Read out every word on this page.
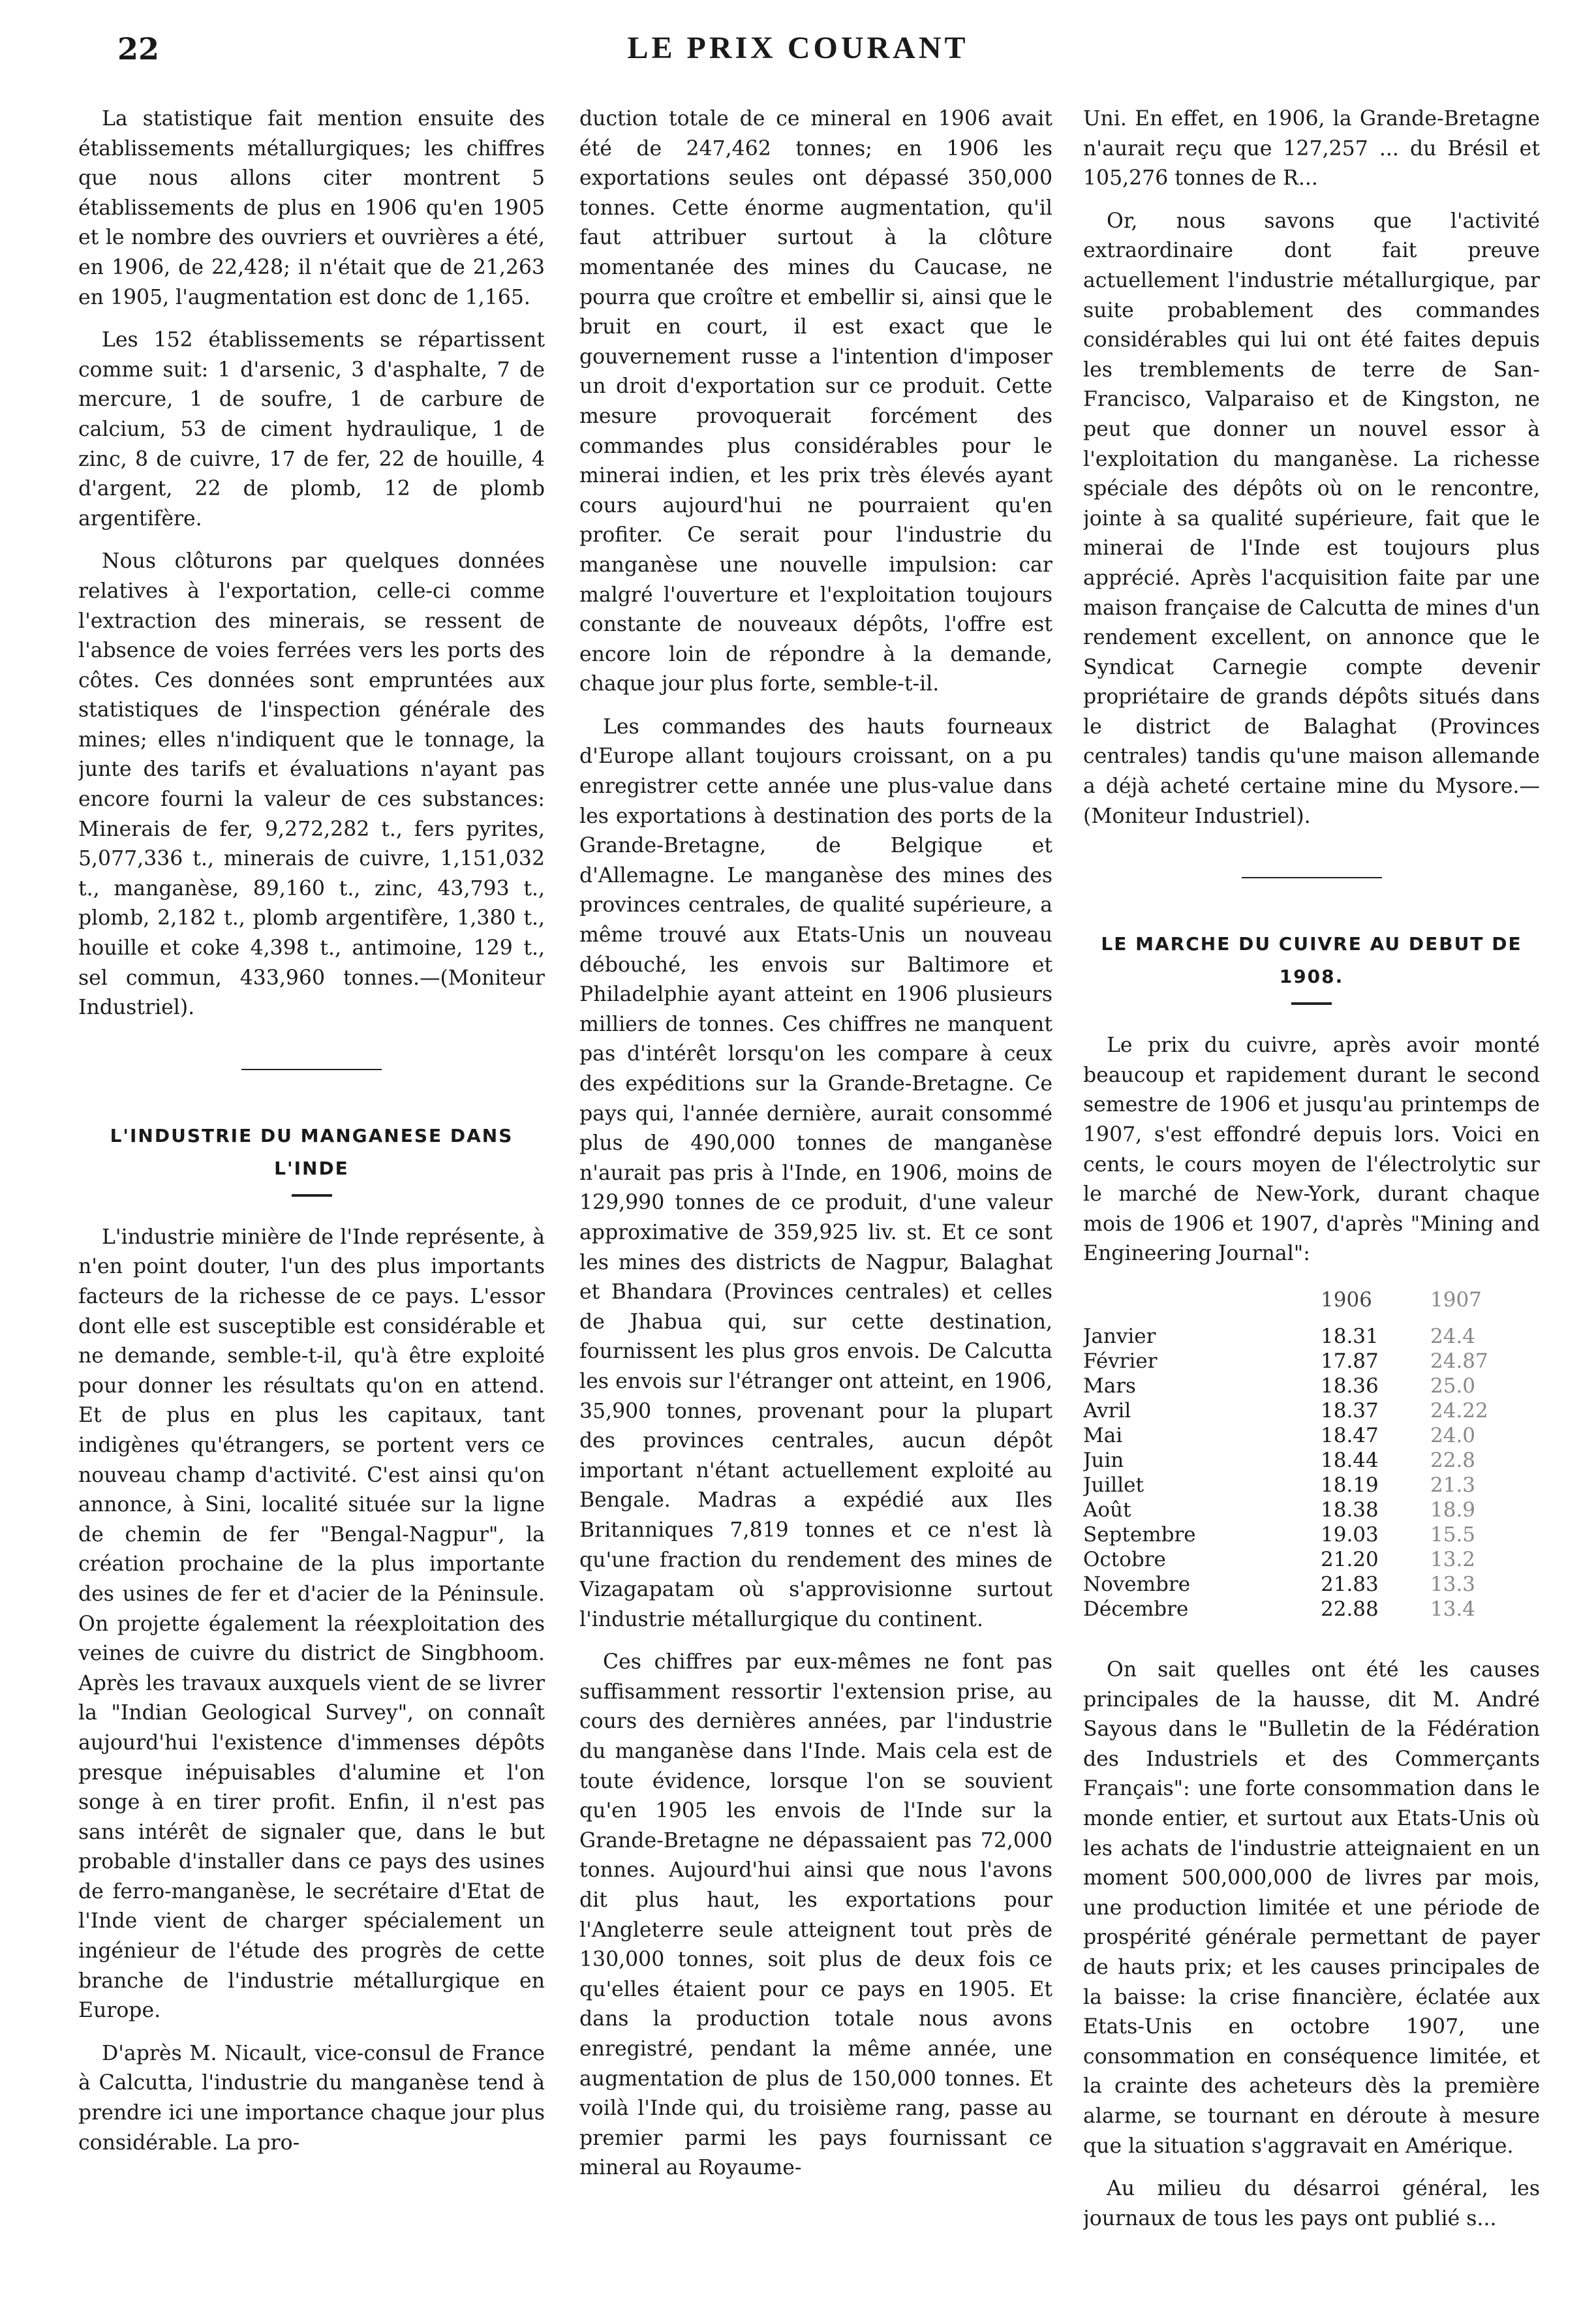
22	LE PRIX COURANT

La statistique fait mention ensuite des établissements métallurgiques; les chiffres que nous allons citer montrent 5 établissements de plus en 1906 qu'en 1905 et le nombre des ouvriers et ouvrières a été, en 1906, de 22,428; il n'était que de 21,263 en 1905, l'augmentation est donc de 1,165.

Les 152 établissements se répartissent comme suit: 1 d'arsenic, 3 d'asphalte, 7 de mercure, 1 de soufre, 1 de carbure de calcium, 53 de ciment hydraulique, 1 de zinc, 8 de cuivre, 17 de fer, 22 de houille, 4 d'argent, 22 de plomb, 12 de plomb argentifère.

Nous clôturons par quelques données relatives à l'exportation, celle-ci comme l'extraction des minerais, se ressent de l'absence de voies ferrées vers les ports des côtes. Ces données sont empruntées aux statistiques de l'inspection générale des mines; elles n'indiquent que le tonnage, la junte des tarifs et évaluations n'ayant pas encore fourni la valeur de ces substances: Minerais de fer, 9,272,282 t., fers pyrites, 5,077,336 t., minerais de cuivre, 1,151,032 t., manganèse, 89,160 t., zinc, 43,793 t., plomb, 2,182 t., plomb argentifère, 1,380 t., houille et coke 4,398 t., antimoine, 129 t., sel commun, 433,960 tonnes.—(Moniteur Industriel).

L'INDUSTRIE DU MANGANESE DANS L'INDE

L'industrie minière de l'Inde représente, à n'en point douter, l'un des plus importants facteurs de la richesse de ce pays. L'essor dont elle est susceptible est considérable et ne demande, semble-t-il, qu'à être exploité pour donner les résultats qu'on en attend. Et de plus en plus les capitaux, tant indigènes qu'étrangers, se portent vers ce nouveau champ d'activité. C'est ainsi qu'on annonce, à Sini, localité située sur la ligne de chemin de fer "Bengal-Nagpur", la création prochaine de la plus importante des usines de fer et d'acier de la Péninsule. On projette également la réexploitation des veines de cuivre du district de Singbhoom. Après les travaux auxquels vient de se livrer la "Indian Geological Survey", on connaît aujourd'hui l'existence d'immenses dépôts presque inépuisables d'alumine et l'on songe à en tirer profit. Enfin, il n'est pas sans intérêt de signaler que, dans le but probable d'installer dans ce pays des usines de ferro-manganèse, le secrétaire d'Etat de l'Inde vient de charger spécialement un ingénieur de l'étude des progrès de cette branche de l'industrie métallurgique en Europe.

D'après M. Nicault, vice-consul de France à Calcutta, l'industrie du manganèse tend à prendre ici une importance chaque jour plus considérable. La pro-

duction totale de ce mineral en 1906 avait été de 247,462 tonnes; en 1906 les exportations seules ont dépassé 350,000 tonnes. Cette énorme augmentation, qu'il faut attribuer surtout à la clôture momentanée des mines du Caucase, ne pourra que croître et embellir si, ainsi que le bruit en court, il est exact que le gouvernement russe a l'intention d'imposer un droit d'exportation sur ce produit. Cette mesure provoquerait forcément des commandes plus considérables pour le minerai indien, et les prix très élevés ayant cours aujourd'hui ne pourraient qu'en profiter. Ce serait pour l'industrie du manganèse une nouvelle impulsion: car malgré l'ouverture et l'exploitation toujours constante de nouveaux dépôts, l'offre est encore loin de répondre à la demande, chaque jour plus forte, semble-t-il.

Les commandes des hauts fourneaux d'Europe allant toujours croissant, on a pu enregistrer cette année une plus-value dans les exportations à destination des ports de la Grande-Bretagne, de Belgique et d'Allemagne. Le manganèse des mines des provinces centrales, de qualité supérieure, a même trouvé aux Etats-Unis un nouveau débouché, les envois sur Baltimore et Philadelphie ayant atteint en 1906 plusieurs milliers de tonnes. Ces chiffres ne manquent pas d'intérêt lorsqu'on les compare à ceux des expéditions sur la Grande-Bretagne. Ce pays qui, l'année dernière, aurait consommé plus de 490,000 tonnes de manganèse n'aurait pas pris à l'Inde, en 1906, moins de 129,990 tonnes de ce produit, d'une valeur approximative de 359,925 liv. st. Et ce sont les mines des districts de Nagpur, Balaghat et Bhandara (Provinces centrales) et celles de Jhabua qui, sur cette destination, fournissent les plus gros envois. De Calcutta les envois sur l'étranger ont atteint, en 1906, 35,900 tonnes, provenant pour la plupart des provinces centrales, aucun dépôt important n'étant actuellement exploité au Bengale. Madras a expédié aux Iles Britanniques 7,819 tonnes et ce n'est là qu'une fraction du rendement des mines de Vizagapatam où s'approvisionne surtout l'industrie métallurgique du continent.

Ces chiffres par eux-mêmes ne font pas suffisamment ressortir l'extension prise, au cours des dernières années, par l'industrie du manganèse dans l'Inde. Mais cela est de toute évidence, lorsque l'on se souvient qu'en 1905 les envois de l'Inde sur la Grande-Bretagne ne dépassaient pas 72,000 tonnes. Aujourd'hui ainsi que nous l'avons dit plus haut, les exportations pour l'Angleterre seule atteignent tout près de 130,000 tonnes, soit plus de deux fois ce qu'elles étaient pour ce pays en 1905. Et dans la production totale nous avons enregistré, pendant la même année, une augmentation de plus de 150,000 tonnes. Et voilà l'Inde qui, du troisième rang, passe au premier parmi les pays fournissant ce mineral au Royaume-

Uni. En effet, en 1906, la Grande-Bretagne n'aurait reçu que 127,257 ... du Brésil et 105,276 tonnes de R...

Or, nous savons que l'activité extraordinaire dont fait preuve actuellement l'industrie métallurgique, par suite probablement des commandes considérables qui lui ont été faites depuis les tremblements de terre de San-Francisco, Valparaiso et de Kingston, ne peut que donner un nouvel essor à l'exploitation du manganèse. La richesse spéciale des dépôts où on le rencontre, jointe à sa qualité supérieure, fait que le minerai de l'Inde est toujours plus apprécié. Après l'acquisition faite par une maison française de Calcutta de mines d'un rendement excellent, on annonce que le Syndicat Carnegie compte devenir propriétaire de grands dépôts situés dans le district de Balaghat (Provinces centrales) tandis qu'une maison allemande a déjà acheté certaine mine du Mysore.—(Moniteur Industriel).

LE MARCHE DU CUIVRE AU DEBUT DE 1908.

Le prix du cuivre, après avoir monté beaucoup et rapidement durant le second semestre de 1906 et jusqu'au printemps de 1907, s'est effondré depuis lors. Voici en cents, le cours moyen de l'électrolytic sur le marché de New-York, durant chaque mois de 1906 et 1907, d'après "Mining and Engineering Journal":

	1906	1907
Janvier	18.31	24.4
Février	17.87	24.87
Mars	18.36	25.0
Avril	18.37	24.22
Mai	18.47	24.0
Juin	18.44	22.8
Juillet	18.19	21.3
Août	18.38	18.9
Septembre	19.03	15.5
Octobre	21.20	13.2
Novembre	21.83	13.3
Décembre	22.88	13.4

On sait quelles ont été les causes principales de la hausse, dit M. André Sayous dans le "Bulletin de la Fédération des Industriels et des Commerçants Français": une forte consommation dans le monde entier, et surtout aux Etats-Unis où les achats de l'industrie atteignaient en un moment 500,000,000 de livres par mois, une production limitée et une période de prospérité générale permettant de payer de hauts prix; et les causes principales de la baisse: la crise financière, éclatée aux Etats-Unis en octobre 1907, une consommation en conséquence limitée, et la crainte des acheteurs dès la première alarme, se tournant en déroute à mesure que la situation s'aggravait en Amérique.

Au milieu du désarroi général, les journaux de tous les pays ont publié s...
